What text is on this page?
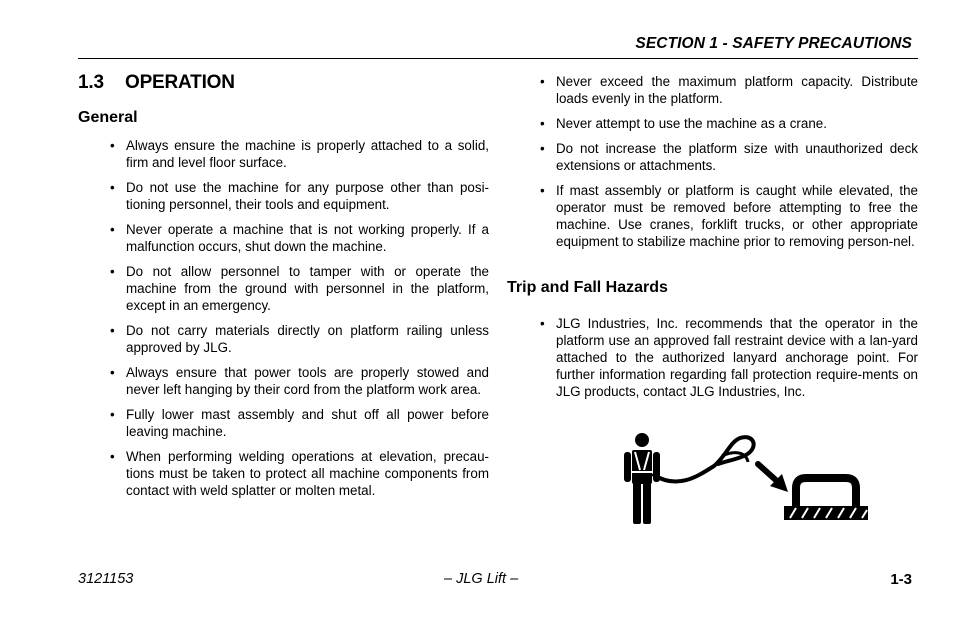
SECTION 1 - SAFETY PRECAUTIONS
1.3 OPERATION
General
• Always ensure the machine is properly attached to a solid, firm and level floor surface.
• Do not use the machine for any purpose other than posi-tioning personnel, their tools and equipment.
• Never operate a machine that is not working properly. If a malfunction occurs, shut down the machine.
• Do not allow personnel to tamper with or operate the machine from the ground with personnel in the platform, except in an emergency.
• Do not carry materials directly on platform railing unless approved by JLG.
• Always ensure that power tools are properly stowed and never left hanging by their cord from the platform work area.
• Fully lower mast assembly and shut off all power before leaving machine.
• When performing welding operations at elevation, precau-tions must be taken to protect all machine components from contact with weld splatter or molten metal.
• Never exceed the maximum platform capacity. Distribute loads evenly in the platform.
• Never attempt to use the machine as a crane.
• Do not increase the platform size with unauthorized deck extensions or attachments.
• If mast assembly or platform is caught while elevated, the operator must be removed before attempting to free the machine. Use cranes, forklift trucks, or other appropriate equipment to stabilize machine prior to removing person-nel.
Trip and Fall Hazards
• JLG Industries, Inc. recommends that the operator in the platform use an approved fall restraint device with a lan-yard attached to the authorized lanyard anchorage point. For further information regarding fall protection require-ments on JLG products, contact JLG Industries, Inc.
3121153	– JLG Lift –	1-3
